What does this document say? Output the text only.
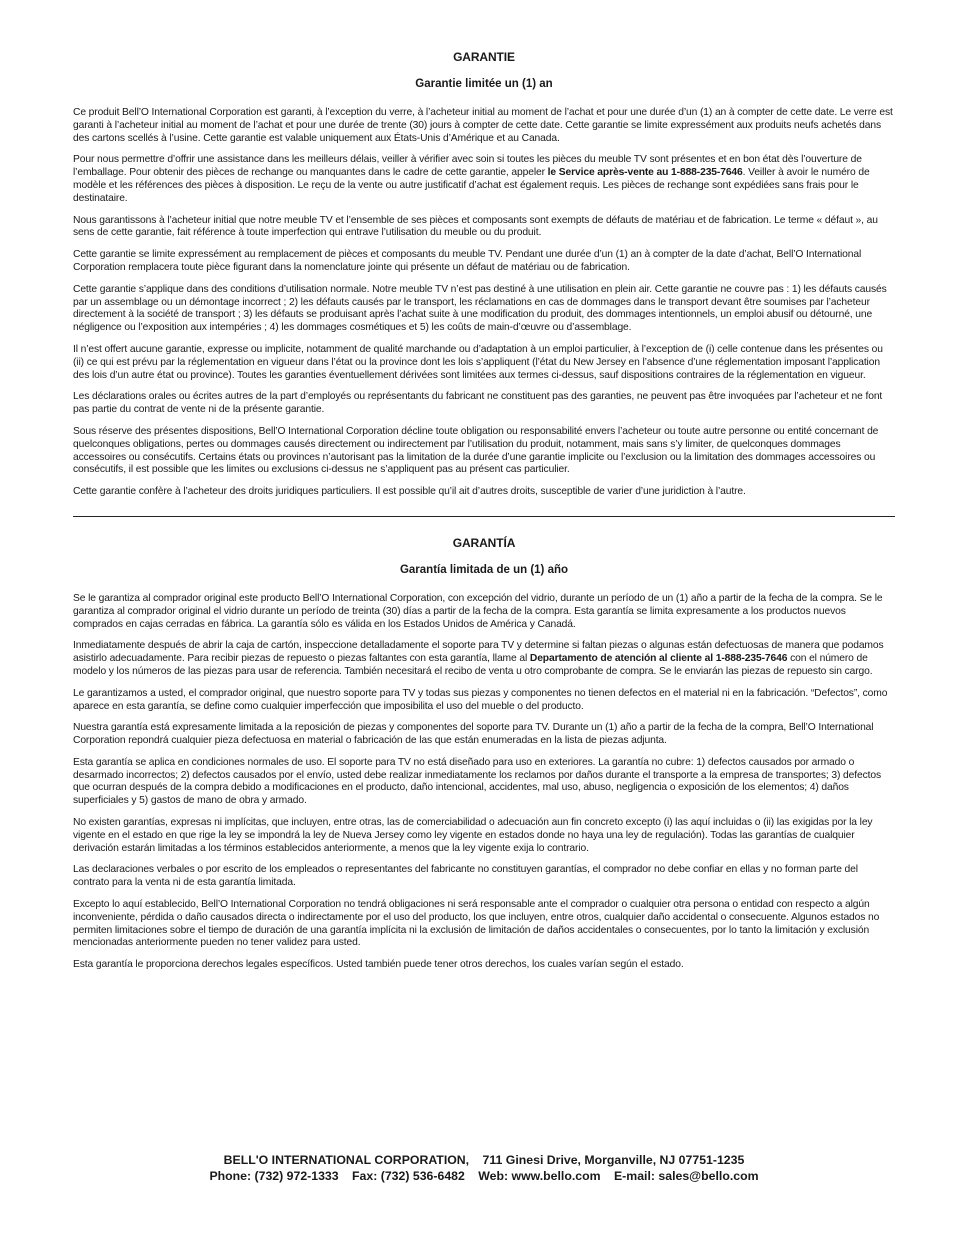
GARANTIE
Garantie limitée un (1) an

Ce produit Bell’O International Corporation est garanti, à l’exception du verre, à l’acheteur initial au moment de l’achat et pour une durée d’un (1) an à compter de cette date. Le verre est garanti à l’acheteur initial au moment de l’achat et pour une durée de trente (30) jours à compter de cette date. Cette garantie se limite expressément aux produits neufs achetés dans des cartons scellés à l’usine. Cette garantie est valable uniquement aux États-Unis d’Amérique et au Canada.

Pour nous permettre d’offrir une assistance dans les meilleurs délais, veiller à vérifier avec soin si toutes les pièces du meuble TV sont présentes et en bon état dès l’ouverture de l’emballage. Pour obtenir des pièces de rechange ou manquantes dans le cadre de cette garantie, appeler le Service après-vente au 1-888-235-7646. Veiller à avoir le numéro de modèle et les références des pièces à disposition. Le reçu de la vente ou autre justificatif d’achat est également requis. Les pièces de rechange sont expédiées sans frais pour le destinataire.

Nous garantissons à l’acheteur initial que notre meuble TV et l’ensemble de ses pièces et composants sont exempts de défauts de matériau et de fabrication. Le terme « défaut », au sens de cette garantie, fait référence à toute imperfection qui entrave l’utilisation du meuble ou du produit.

Cette garantie se limite expressément au remplacement de pièces et composants du meuble TV. Pendant une durée d’un (1) an à compter de la date d’achat, Bell’O International Corporation remplacera toute pièce figurant dans la nomenclature jointe qui présente un défaut de matériau ou de fabrication.

Cette garantie s’applique dans des conditions d’utilisation normale. Notre meuble TV n’est pas destiné à une utilisation en plein air. Cette garantie ne couvre pas : 1) les défauts causés par un assemblage ou un démontage incorrect ; 2) les défauts causés par le transport, les réclamations en cas de dommages dans le transport devant être soumises par l’acheteur directement à la société de transport ; 3) les défauts se produisant après l’achat suite à une modification du produit, des dommages intentionnels, un emploi abusif ou détourné, une négligence ou l’exposition aux intempéries ; 4) les dommages cosmétiques et 5) les coûts de main-d’œuvre ou d’assemblage.

Il n’est offert aucune garantie, expresse ou implicite, notamment de qualité marchande ou d’adaptation à un emploi particulier, à l’exception de (i) celle contenue dans les présentes ou (ii) ce qui est prévu par la réglementation en vigueur dans l’état ou la province dont les lois s’appliquent (l’état du New Jersey en l’absence d’une réglementation imposant l’application des lois d’un autre état ou province). Toutes les garanties éventuellement dérivées sont limitées aux termes ci-dessus, sauf dispositions contraires de la réglementation en vigueur.

Les déclarations orales ou écrites autres de la part d’employés ou représentants du fabricant ne constituent pas des garanties, ne peuvent pas être invoquées par l’acheteur et ne font pas partie du contrat de vente ni de la présente garantie.

Sous réserve des présentes dispositions, Bell’O International Corporation décline toute obligation ou responsabilité envers l’acheteur ou toute autre personne ou entité concernant de quelconques obligations, pertes ou dommages causés directement ou indirectement par l’utilisation du produit, notamment, mais sans s’y limiter, de quelconques dommages accessoires ou consécutifs. Certains états ou provinces n’autorisant pas la limitation de la durée d’une garantie implicite ou l’exclusion ou la limitation des dommages accessoires ou consécutifs, il est possible que les limites ou exclusions ci-dessus ne s’appliquent pas au présent cas particulier.

Cette garantie confère à l’acheteur des droits juridiques particuliers. Il est possible qu’il ait d’autres droits, susceptible de varier d’une juridiction à l’autre.

GARANTÍA
Garantía limitada de un (1) año

Se le garantiza al comprador original este producto Bell’O International Corporation, con excepción del vidrio, durante un período de un (1) año a partir de la fecha de la compra. Se le garantiza al comprador original el vidrio durante un período de treinta (30) días a partir de la fecha de la compra. Esta garantía se limita expresamente a los productos nuevos comprados en cajas cerradas en fábrica. La garantía sólo es válida en los Estados Unidos de América y Canadá.

Inmediatamente después de abrir la caja de cartón, inspeccione detalladamente el soporte para TV y determine si faltan piezas o algunas están defectuosas de manera que podamos asistirlo adecuadamente. Para recibir piezas de repuesto o piezas faltantes con esta garantía, llame al Departamento de atención al cliente al 1-888-235-7646 con el número de modelo y los números de las piezas para usar de referencia. También necesitará el recibo de venta u otro comprobante de compra. Se le enviarán las piezas de repuesto sin cargo.

Le garantizamos a usted, el comprador original, que nuestro soporte para TV y todas sus piezas y componentes no tienen defectos en el material ni en la fabricación. “Defectos”, como aparece en esta garantía, se define como cualquier imperfección que imposibilita el uso del mueble o del producto.

Nuestra garantía está expresamente limitada a la reposición de piezas y componentes del soporte para TV. Durante un (1) año a partir de la fecha de la compra, Bell’O International Corporation repondrá cualquier pieza defectuosa en material o fabricación de las que están enumeradas en la lista de piezas adjunta.

Esta garantía se aplica en condiciones normales de uso. El soporte para TV no está diseñado para uso en exteriores. La garantía no cubre: 1) defectos causados por armado o desarmado incorrectos; 2) defectos causados por el envío, usted debe realizar inmediatamente los reclamos por daños durante el transporte a la empresa de transportes; 3) defectos que ocurran después de la compra debido a modificaciones en el producto, daño intencional, accidentes, mal uso, abuso, negligencia o exposición de los elementos; 4) daños superficiales y 5) gastos de mano de obra y armado.

No existen garantías, expresas ni implícitas, que incluyen, entre otras, las de comerciabilidad o adecuación aun fin concreto excepto (i) las aquí incluidas o (ii) las exigidas por la ley vigente en el estado en que rige la ley se impondrá la ley de Nueva Jersey como ley vigente en estados donde no haya una ley de regulación). Todas las garantías de cualquier derivación estarán limitadas a los términos establecidos anteriormente, a menos que la ley vigente exija lo contrario.

Las declaraciones verbales o por escrito de los empleados o representantes del fabricante no constituyen garantías, el comprador no debe confiar en ellas y no forman parte del contrato para la venta ni de esta garantía limitada.

Excepto lo aquí establecido, Bell’O International Corporation no tendrá obligaciones ni será responsable ante el comprador o cualquier otra persona o entidad con respecto a algún inconveniente, pérdida o daño causados directa o indirectamente por el uso del producto, los que incluyen, entre otros, cualquier daño accidental o consecuente. Algunos estados no permiten limitaciones sobre el tiempo de duración de una garantía implícita ni la exclusión de limitación de daños accidentales o consecuentes, por lo tanto la limitación y exclusión mencionadas anteriormente pueden no tener validez para usted.

Esta garantía le proporciona derechos legales específicos. Usted también puede tener otros derechos, los cuales varían según el estado.

BELL'O INTERNATIONAL CORPORATION, 711 Ginesi Drive, Morganville, NJ 07751-1235
Phone: (732) 972-1333 Fax: (732) 536-6482 Web: www.bello.com E-mail: sales@bello.com
